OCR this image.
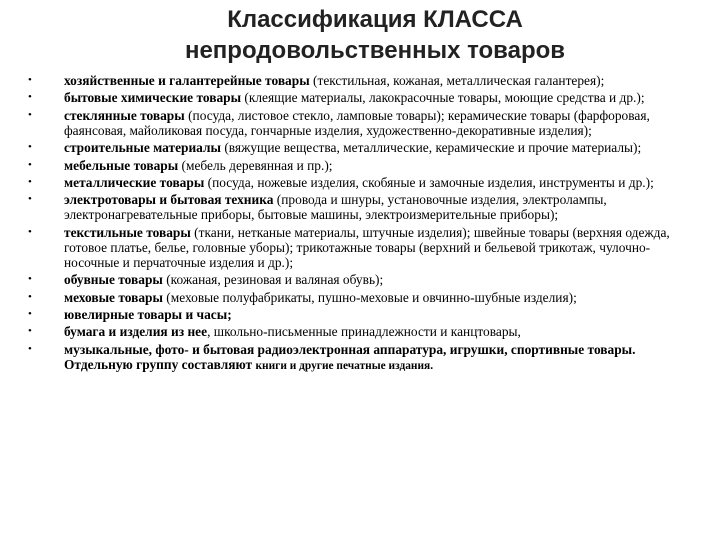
Классификация КЛАССА
непродовольственных товаров
•	хозяйственные и галантерейные товары (текстильная, кожаная, металлическая галантерея);
•	бытовые химические товары (клеящие материалы, лакокрасочные товары, моющие средства и др.);
•	стеклянные товары (посуда, листовое стекло, ламповые товары); керамические товары (фарфоровая, фаянсовая, майоликовая посуда, гончарные изделия, художественно-декоративные изделия);
•	строительные материалы (вяжущие вещества, металлические, керамические и прочие материалы);
•	мебельные товары (мебель деревянная и пр.);
•	металлические товары (посуда, ножевые изделия, скобяные и замочные изделия, инструменты и др.);
•	электротовары и бытовая техника (провода и шнуры, установочные изделия, электролампы, электронагревательные приборы, бытовые машины, электроизмерительные приборы);
•	текстильные товары (ткани, нетканые материалы, штучные изделия); швейные товары (верхняя одежда, готовое платье, белье, головные уборы); трикотажные товары (верхний и бельевой трикотаж, чулочно-носочные и перчаточные изделия и др.);
•	обувные товары (кожаная, резиновая и валяная обувь);
•	меховые товары (меховые полуфабрикаты, пушно-меховые и овчинно-шубные изделия);
•	ювелирные товары и часы;
•	бумага и изделия из нее, школьно-письменные принадлежности и канцтовары,
•	музыкальные, фото- и бытовая радиоэлектронная аппаратура, игрушки, спортивные товары. Отдельную группу составляют книги и другие печатные издания.
